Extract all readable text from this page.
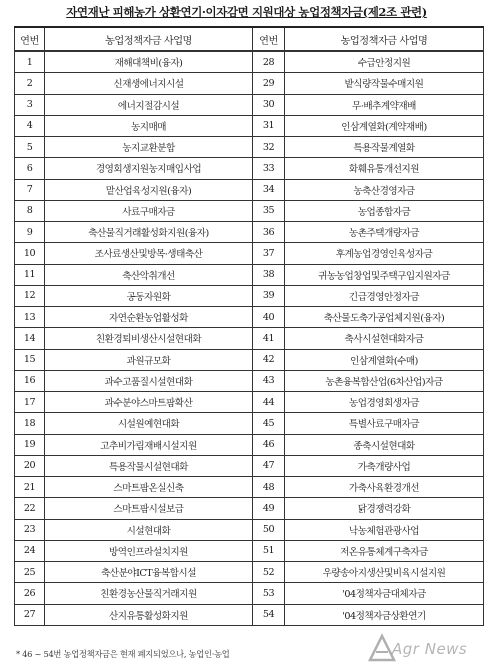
자연재난 피해농가 상환연기·이자감면 지원대상 농업정책자금(제2조 관련)
연번	농업정책자금 사업명	연번	농업정책자금 사업명
1	재해대책비(융자)	28	수급안정지원
2	신재생에너지시설	29	밭식량작물수매지원
3	에너지절감시설	30	무·배추계약재배
4	농지매매	31	인삼계열화(계약재배)
5	농지교환분합	32	특용작물계열화
6	경영회생지원농지매입사업	33	화훼유통개선지원
7	맡산업육성지원(융자)	34	농축산경영자금
8	사료구매자금	35	농업종합자금
9	축산물직거래활성화지원(융자)	36	농촌주택개량자금
10	조사료생산및방목·생태축산	37	후계농업경영인육성자금
11	축산악취개선	38	귀농농업창업및주택구입지원자금
12	공동자원화	39	긴급경영안정자금
13	자연순환농업활성화	40	축산물도축가공업체지원(융자)
14	친환경퇴비생산시설현대화	41	축사시설현대화자금
15	과원규모화	42	인삼계열화(수매)
16	과수고품질시설현대화	43	농촌융복합산업(6차산업)자금
17	과수분야스마트팜확산	44	농업경영회생자금
18	시설원예현대화	45	특별사료구매자금
19	고추비가림재배시설지원	46	종축시설현대화
20	특용작물시설현대화	47	가축개량사업
21	스마트팜온실신축	48	가축사육환경개선
22	스마트팜시설보급	49	닭경쟁력강화
23	시설현대화	50	낙농체험관광사업
24	방역인프라설치지원	51	저온유통체계구축자금
25	축산분야ICT융복합시설	52	우량송아지생산및비육시설지원
26	친환경농산물직거래지원	53	'04정책자금대체자금
27	산지유통활성화지원	54	'04정책자금상환연기
* 46 ~ 54번 농업정책자금은 현재 폐지되었으나, 농업인·농업	Agr News
